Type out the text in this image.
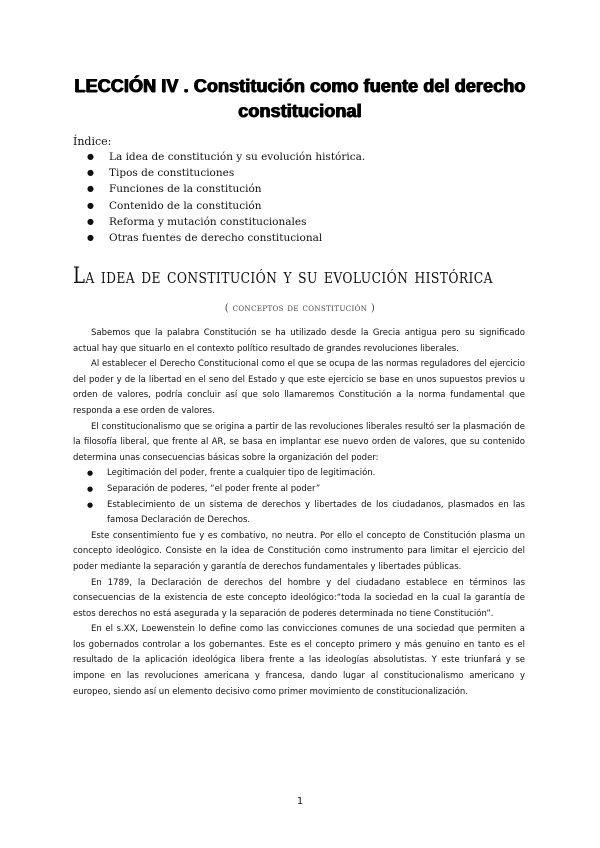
LECCIÓN IV . Constitución como fuente del derecho constitucional
Índice:
● La idea de constitución y su evolución histórica.
● Tipos de constituciones
● Funciones de la constitución
● Contenido de la constitución
● Reforma y mutación constitucionales
● Otras fuentes de derecho constitucional
La idea de constitución y su evolución histórica
( conceptos de constitución )

Sabemos que la palabra Constitución se ha utilizado desde la Grecia antigua pero su significado actual hay que situarlo en el contexto político resultado de grandes revoluciones liberales.

Al establecer el Derecho Constitucional como el que se ocupa de las normas reguladores del ejercicio del poder y de la libertad en el seno del Estado y que este ejercicio se base en unos supuestos previos u orden de valores, podría concluir así que solo llamaremos Constitución a la norma fundamental que responda a ese orden de valores.

El constitucionalismo que se origina a partir de las revoluciones liberales resultó ser la plasmación de la filosofía liberal, que frente al AR, se basa en implantar ese nuevo orden de valores, que su contenido determina unas consecuencias básicas sobre la organización del poder:

● Legitimación del poder, frente a cualquier tipo de legitimación.
● Separación de poderes, “el poder frente al poder”
● Establecimiento de un sistema de derechos y libertades de los ciudadanos, plasmados en las famosa Declaración de Derechos.

Este consentimiento fue y es combativo, no neutra. Por ello el concepto de Constitución plasma un concepto ideológico. Consiste en la idea de Constitución como instrumento para limitar el ejercicio del poder mediante la separación y garantía de derechos fundamentales y libertades públicas.

En 1789, la Declaración de derechos del hombre y del ciudadano establece en términos las consecuencias de la existencia de este concepto ideológico:“toda la sociedad en la cual la garantía de estos derechos no está asegurada y la separación de poderes determinada no tiene Constitución”.

En el s.XX, Loewenstein lo define como las convicciones comunes de una sociedad que permiten a los gobernados controlar a los gobernantes. Este es el concepto primero y más genuino en tanto es el resultado de la aplicación ideológica libera frente a las ideologías absolutistas. Y este triunfará y se impone en las revoluciones americana y francesa, dando lugar al constitucionalismo americano y europeo, siendo así un elemento decisivo como primer movimiento de constitucionalización.

1
